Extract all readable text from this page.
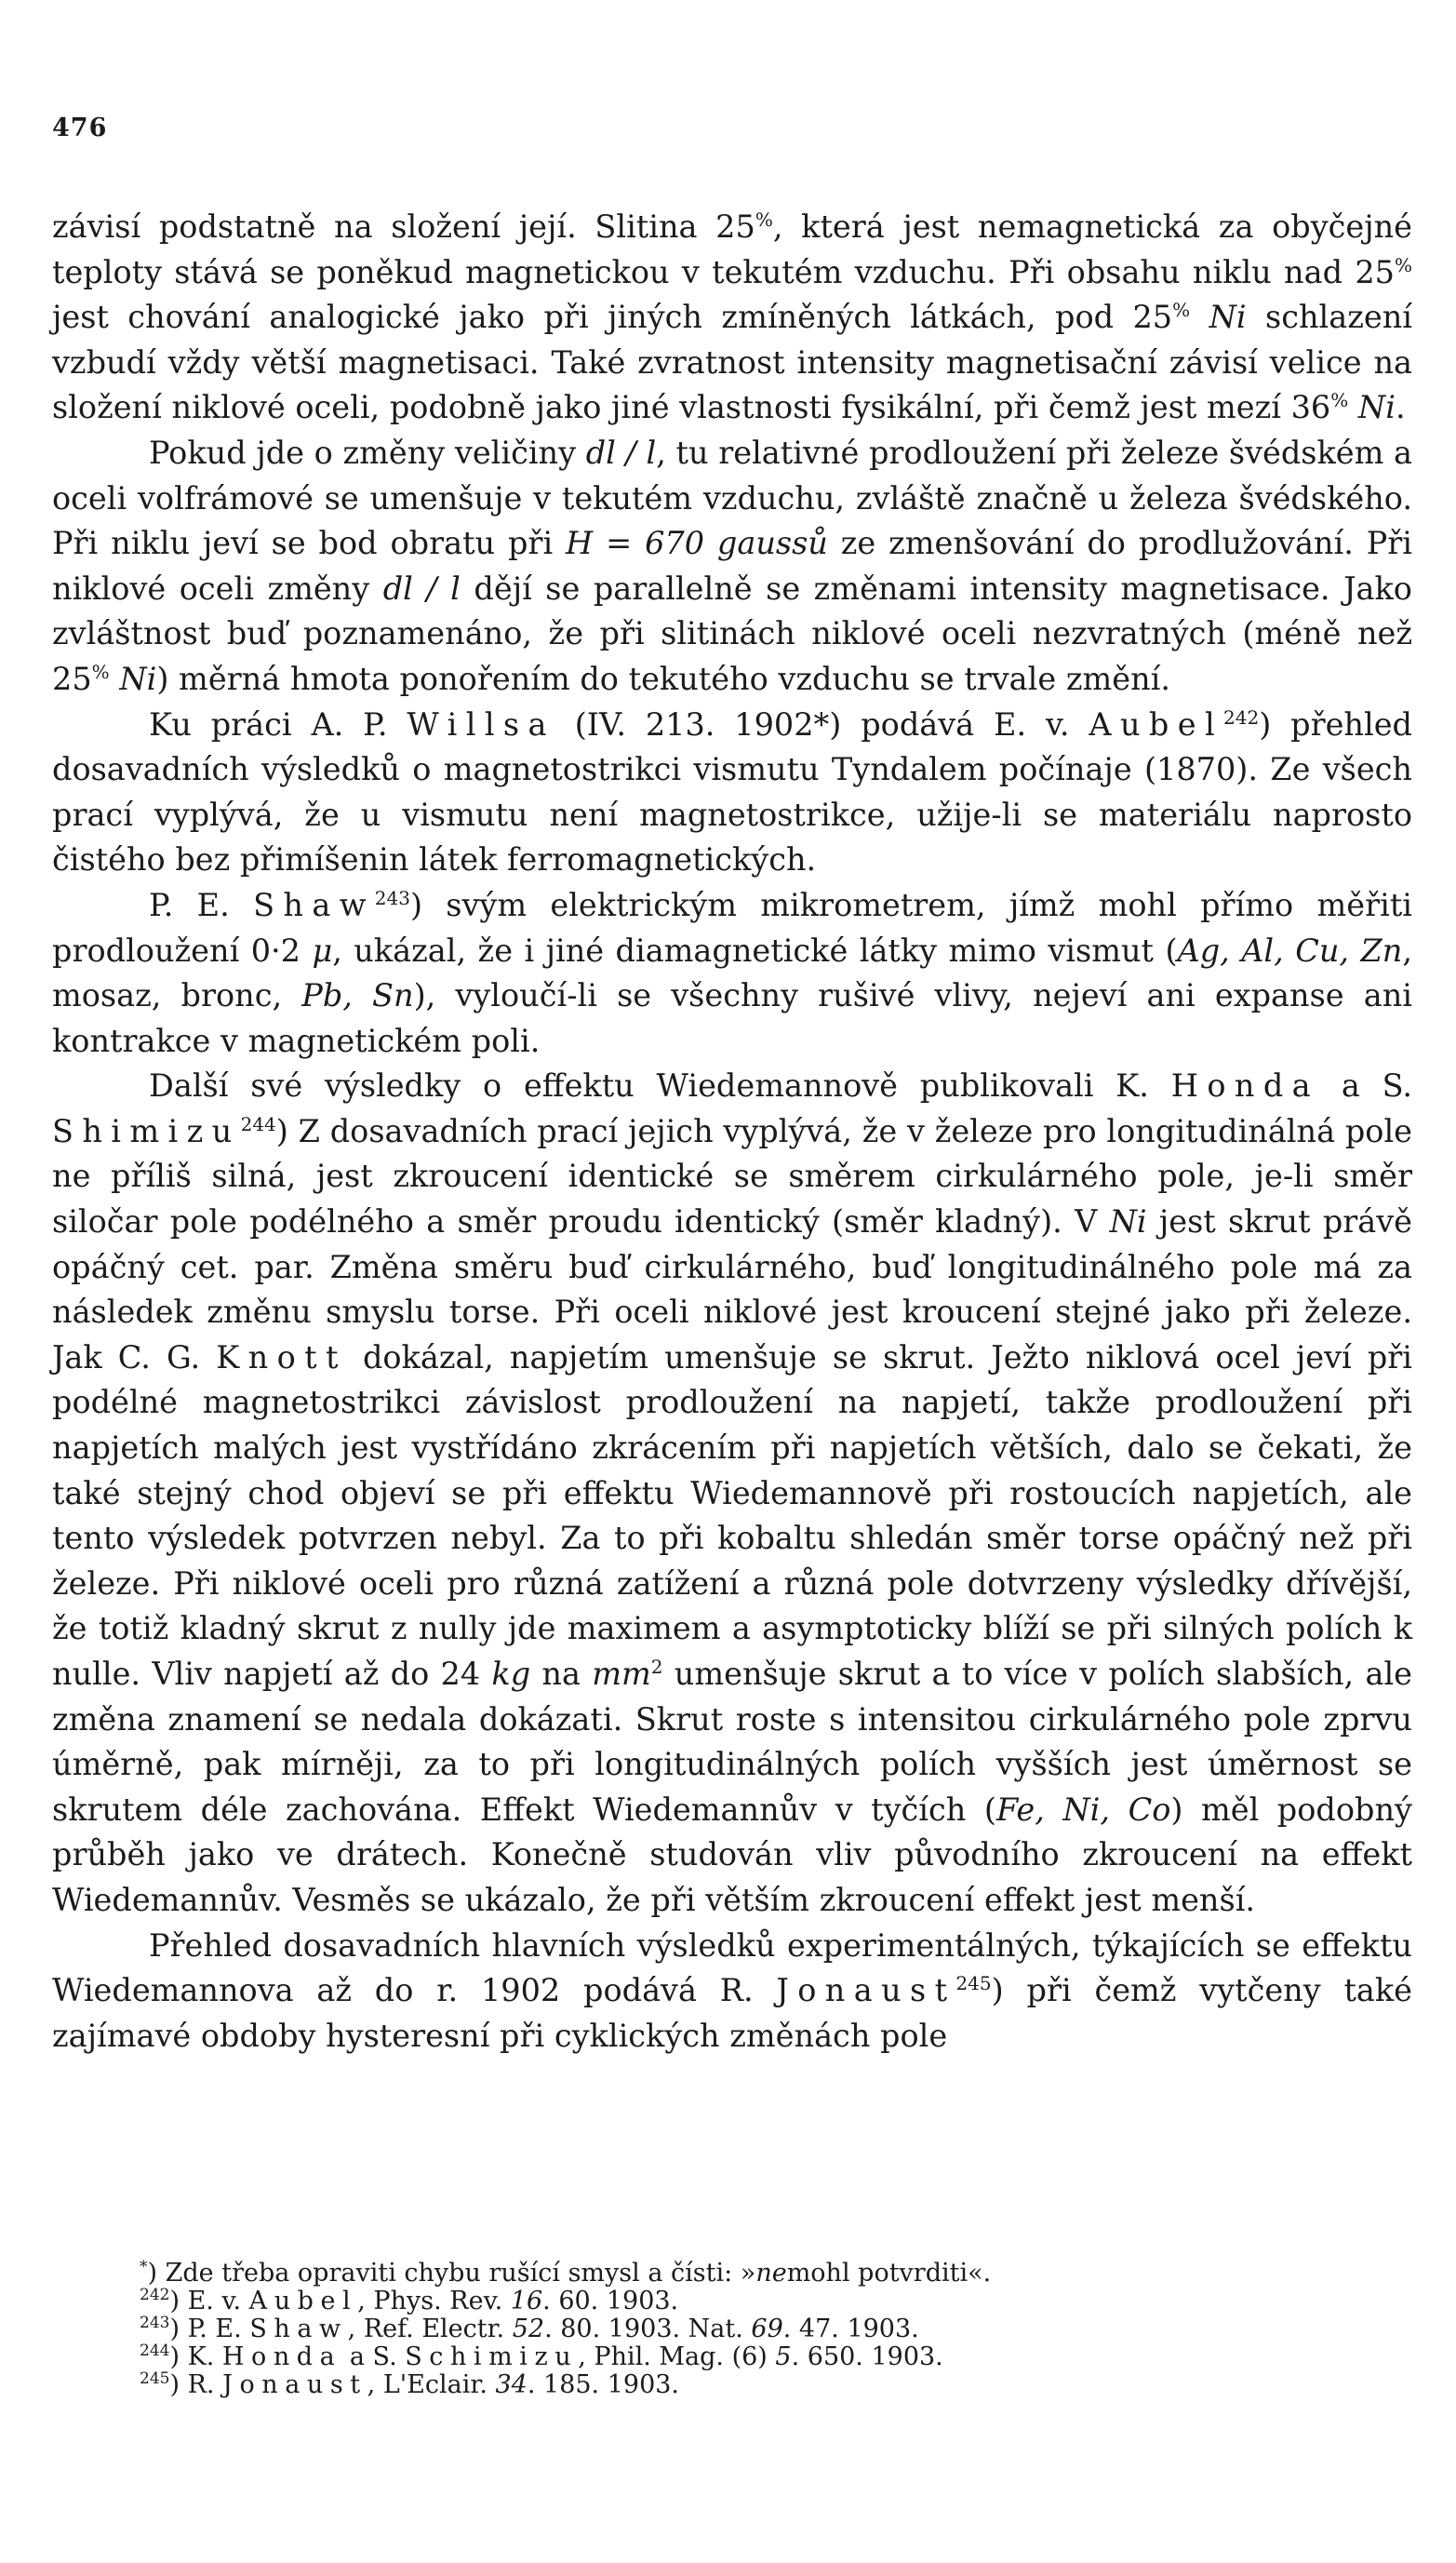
476

závisí podstatně na složení její. Slitina 25%, která jest nemagnetická za obyčejné teploty stává se poněkud magnetickou v tekutém vzduchu. Při obsahu niklu nad 25% jest chování analogické jako při jiných zmíněných látkách, pod 25% Ni schlazení vzbudí vždy větší magnetisaci. Také zvratnost intensity magnetisační závisí velice na složení niklové oceli, podobně jako jiné vlastnosti fysikální, při čemž jest mezí 36% Ni.

Pokud jde o změny veličiny dl / l, tu relativné prodloužení při železe švédském a oceli volfrámové se umenšuje v tekutém vzduchu, zvláště značně u železa švédského. Při niklu jeví se bod obratu při H = 670 gaussů ze zmenšování do prodlužování. Při niklové oceli změny dl / l dějí se parallelně se změnami intensity magnetisace. Jako zvláštnost buď poznamenáno, že při slitinách niklové oceli nezvratných (méně než 25% Ni) měrná hmota ponořením do tekutého vzduchu se trvale změní.

Ku práci A. P. Willsa (IV. 213. 1902*) podává E. v. Aubel$^{242}$) přehled dosavadních výsledků o magnetostrikci vismutu Tyndalem počínaje (1870). Ze všech prací vyplývá, že u vismutu není magnetostrikce, užije-li se materiálu naprosto čistého bez přimíšenin látek ferromagnetických.

P. E. Shaw$^{243}$) svým elektrickým mikrometrem, jímž mohl přímo měřiti prodloužení 0·2 μ, ukázal, že i jiné diamagnetické látky mimo vismut (Ag, Al, Cu, Zn, mosaz, bronc, Pb, Sn), vyloučí-li se všechny rušivé vlivy, nejeví ani expanse ani kontrakce v magnetickém poli.

Další své výsledky o effektu Wiedemannově publikovali K. Honda a S. Shimizu$^{244}$) Z dosavadních prací jejich vyplývá, že v železe pro longitudinálná pole ne příliš silná, jest zkroucení identické se směrem cirkulárného pole, je-li směr siločar pole podélného a směr proudu identický (směr kladný). V Ni jest skrut právě opáčný cet. par. Změna směru buď cirkulárného, buď longitudinálného pole má za následek změnu smyslu torse. Při oceli niklové jest kroucení stejné jako při železe. Jak C. G. Knott dokázal, napjetím umenšuje se skrut. Ježto niklová ocel jeví při podélné magnetostrikci závislost prodloužení na napjetí, takže prodloužení při napjetích malých jest vystřídáno zkrácením při napjetích větších, dalo se čekati, že také stejný chod objeví se při effektu Wiedemannově při rostoucích napjetích, ale tento výsledek potvrzen nebyl. Za to při kobaltu shledán směr torse opáčný než při železe. Při niklové oceli pro různá zatížení a různá pole dotvrzeny výsledky dřívější, že totiž kladný skrut z nully jde maximem a asymptoticky blíží se při silných polích k nulle. Vliv napjetí až do 24 kg na $mm^2$ umenšuje skrut a to více v polích slabších, ale změna znamení se nedala dokázati. Skrut roste s intensitou cirkulárného pole zprvu úměrně, pak mírněji, za to při longitudinálných polích vyšších jest úměrnost se skrutem déle zachována. Effekt Wiedemannův v tyčích (Fe, Ni, Co) měl podobný průběh jako ve drátech. Konečně studován vliv původního zkroucení na effekt Wiedemannův. Vesměs se ukázalo, že při větším zkroucení effekt jest menší.

Přehled dosavadních hlavních výsledků experimentálných, týkajících se effektu Wiedemannova až do r. 1902 podává R. Jonaust$^{245}$) při čemž vytčeny také zajímavé obdoby hysteresní při cyklických změnách pole

*) Zde třeba opraviti chybu rušící smysl a čísti: »nemohl potvrditi«.

$^{242}$) E. v. Aubel, Phys. Rev. 16. 60. 1903.

$^{243}$) P. E. Shaw, Ref. Electr. 52. 80. 1903. Nat. 69. 47. 1903.

$^{244}$) K. Honda a S. Schimizu, Phil. Mag. (6) 5. 650. 1903.

$^{245}$) R. Jonaust, L'Eclair. 34. 185. 1903.
